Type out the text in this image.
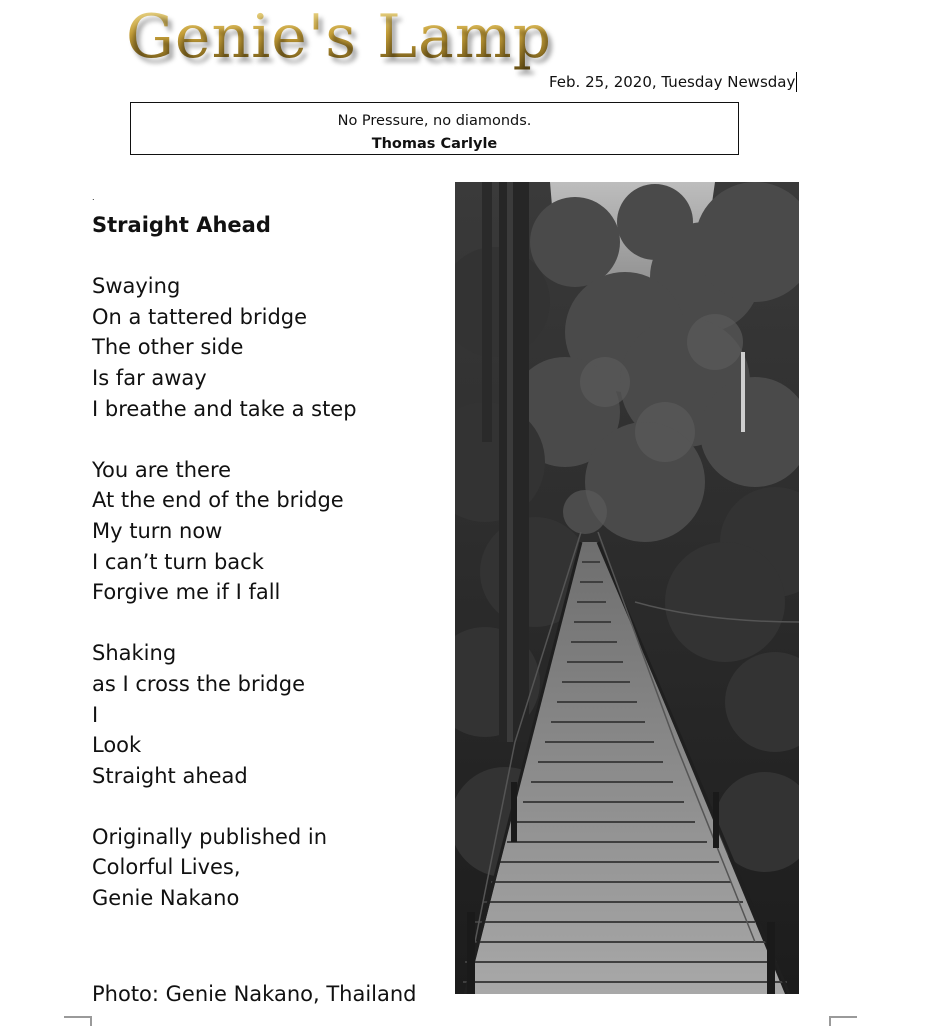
Genie's Lamp
Feb. 25, 2020, Tuesday Newsday
No Pressure, no diamonds.
Thomas Carlyle
.

Straight Ahead

Swaying

On a tattered bridge

The other side

Is far away

I breathe and take a step

You are there

At the end of the bridge

My turn now

I can’t turn back

Forgive me if I fall

Shaking

as I cross the bridge

I

Look

Straight ahead

Originally published in

Colorful Lives,

Genie Nakano

Photo: Genie Nakano, Thailand
